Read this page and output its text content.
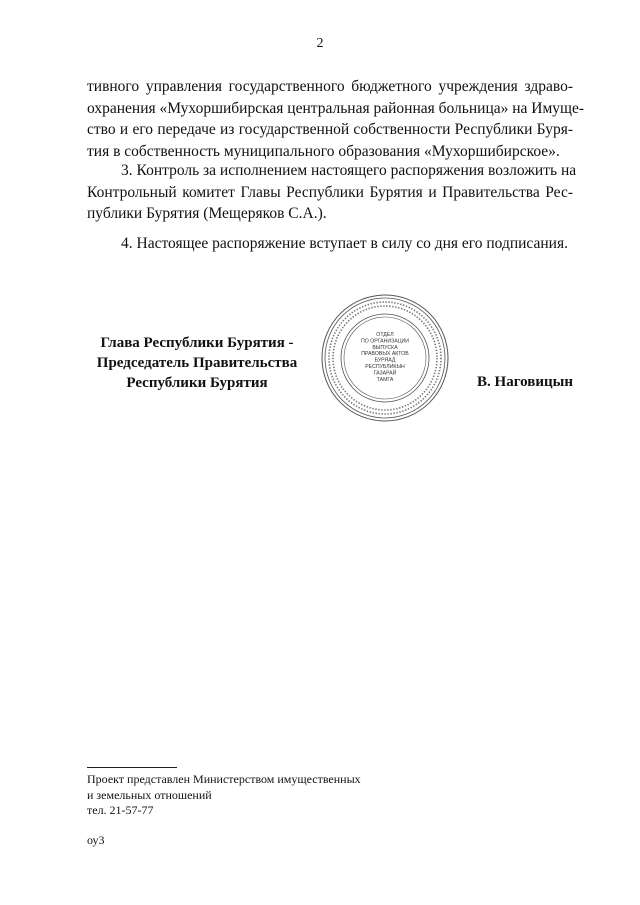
2
тивного управления государственного бюджетного учреждения здраво-
охранения «Мухоршибирская центральная районная больница» на Имуще-
ство и его передаче из государственной собственности Республики Буря-
тия в собственность муниципального образования «Мухоршибирское».
3. Контроль за исполнением настоящего распоряжения возложить на
Контрольный комитет Главы Республики Бурятия и Правительства Рес-
публики Бурятия (Мещеряков С.А.).
4. Настоящее распоряжение вступает в силу со дня его подписания.
Глава Республики Бурятия -
Председатель Правительства
Республики Бурятия
ОТДЕЛ
ПО ОРГАНИЗАЦИИ
ВЫПУСКА
ПРАВОВЫХ АКТОВ
БУРЯАД
РЕСПУБЛИКЫН
ГАЗАРАЙ
ТАМГА	В. Наговицын
Проект представлен Министерством имущественных
и земельных отношений
тел. 21-57-77
оу3
